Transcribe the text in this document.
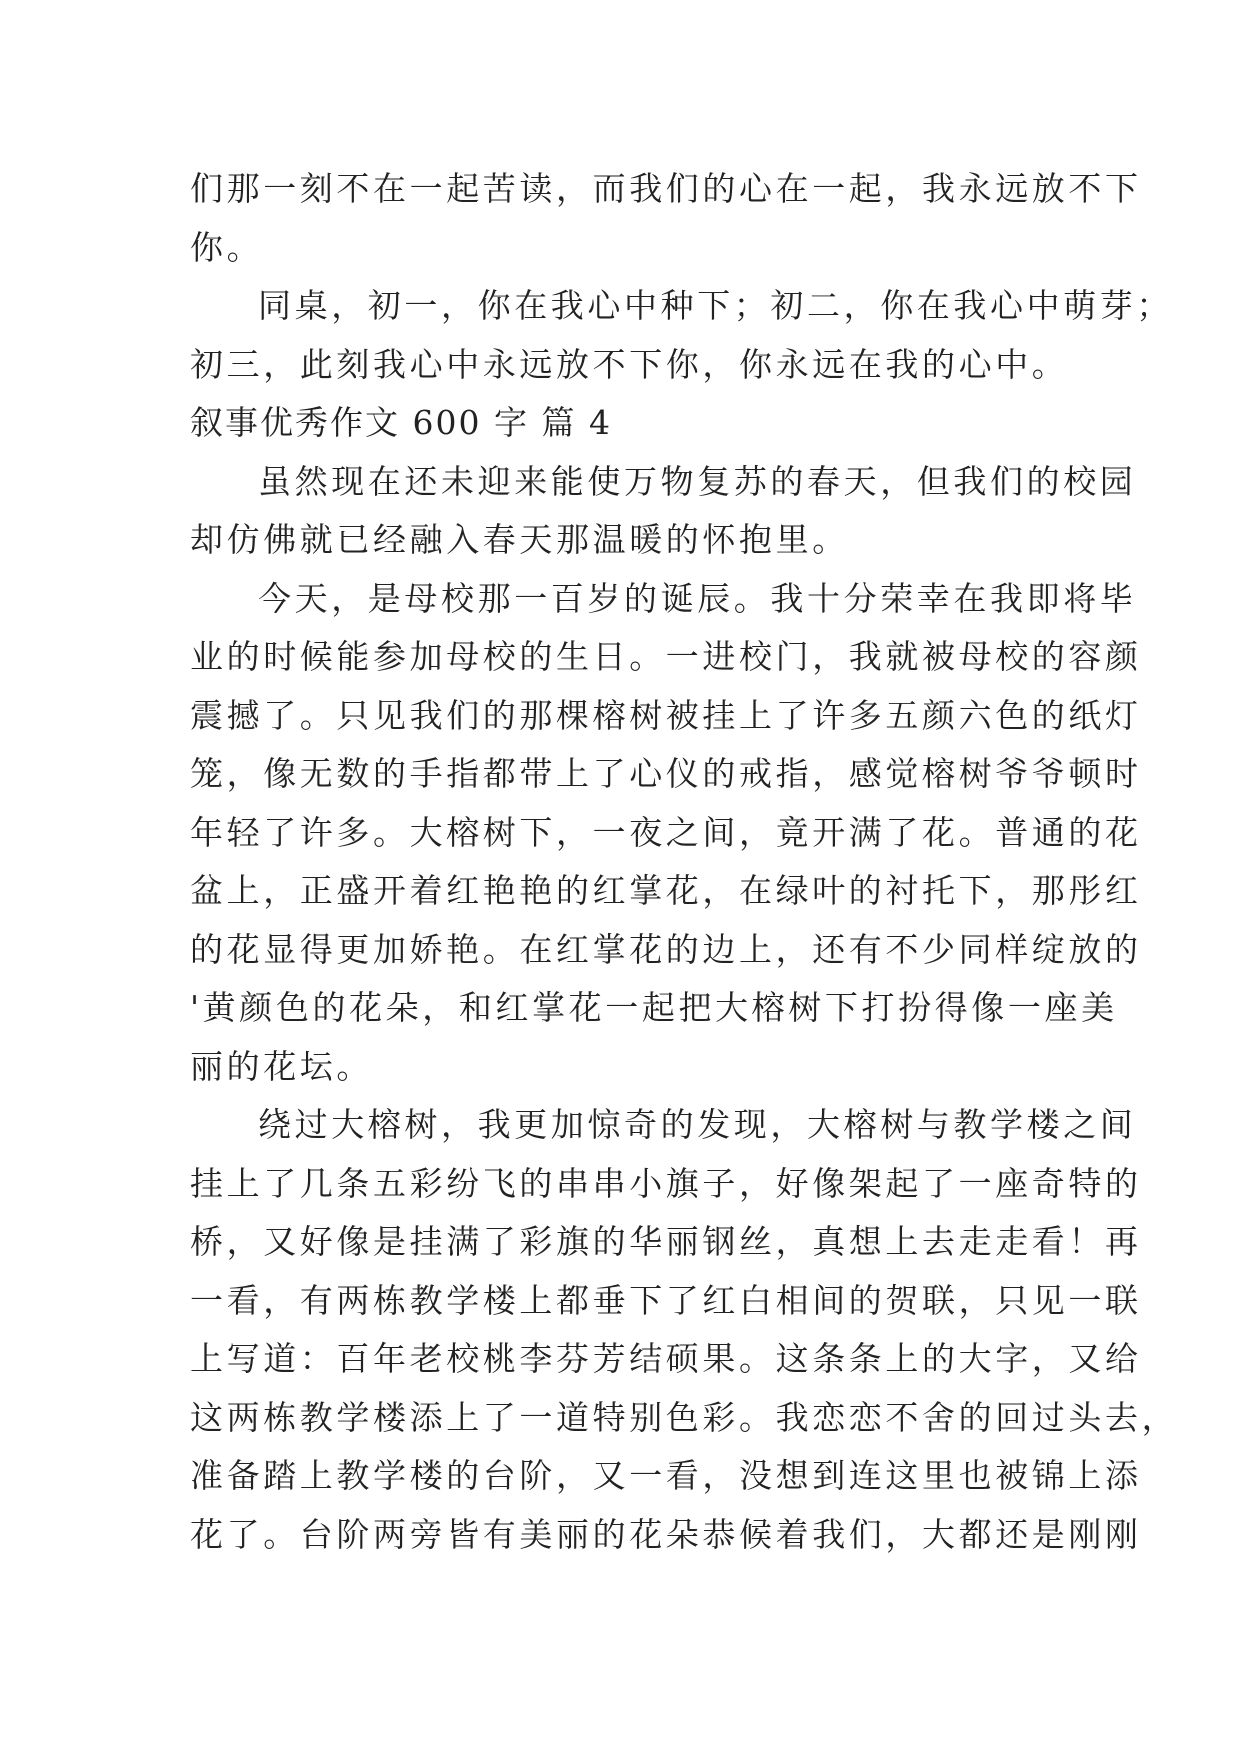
们那一刻不在一起苦读，而我们的心在一起，我永远放不下
你。
同桌，初一，你在我心中种下；初二，你在我心中萌芽；
初三，此刻我心中永远放不下你，你永远在我的心中。
叙事优秀作文 600 字 篇 4
虽然现在还未迎来能使万物复苏的春天，但我们的校园
却仿佛就已经融入春天那温暖的怀抱里。
今天，是母校那一百岁的诞辰。我十分荣幸在我即将毕
业的时候能参加母校的生日。一进校门，我就被母校的容颜
震撼了。只见我们的那棵榕树被挂上了许多五颜六色的纸灯
笼，像无数的手指都带上了心仪的戒指，感觉榕树爷爷顿时
年轻了许多。大榕树下，一夜之间，竟开满了花。普通的花
盆上，正盛开着红艳艳的红掌花，在绿叶的衬托下，那彤红
的花显得更加娇艳。在红掌花的边上，还有不少同样绽放的
'黄颜色的花朵，和红掌花一起把大榕树下打扮得像一座美
丽的花坛。
绕过大榕树，我更加惊奇的发现，大榕树与教学楼之间
挂上了几条五彩纷飞的串串小旗子，好像架起了一座奇特的
桥，又好像是挂满了彩旗的华丽钢丝，真想上去走走看！再
一看，有两栋教学楼上都垂下了红白相间的贺联，只见一联
上写道：百年老校桃李芬芳结硕果。这条条上的大字，又给
这两栋教学楼添上了一道特别色彩。我恋恋不舍的回过头去，
准备踏上教学楼的台阶，又一看，没想到连这里也被锦上添
花了。台阶两旁皆有美丽的花朵恭候着我们，大都还是刚刚
